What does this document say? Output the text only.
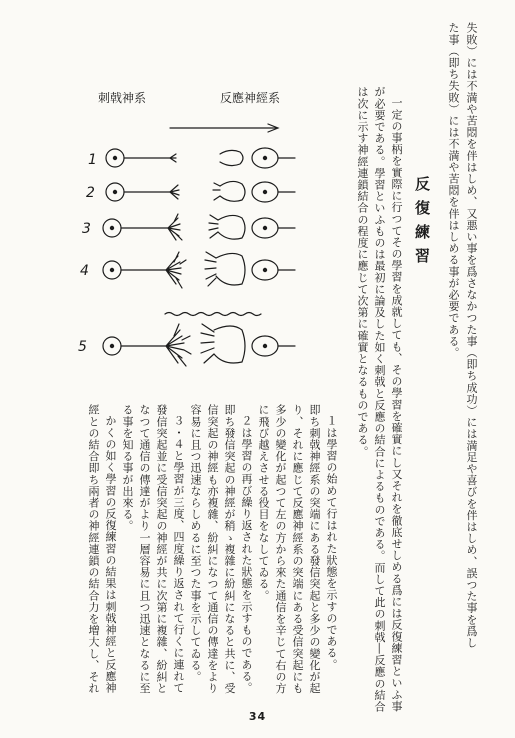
失敗）には不満や苦悶を伴はしめ、又悪い事を爲さなかつた事（即ち成功）には満足や喜びを伴はしめ、誤つた事を爲し
た事（即ち失敗）には不満や苦悶を伴はしめる事が必要である。
反復練習
一定の事柄を實際に行つてその學習を成就しても、その學習を確實にし又それを徹底せしめる爲には反復練習といふ事
が必要である。學習といふものは最初に論及した如く刺戟と反應の結合によるものである。而して此の刺戟―反應の結合
は次に示す神經連鎖結合の程度に應じて次第に確實となるものである。
１は學習の始めて行はれた狀態を示すのである。
即ち刺戟神經系の突端にある發信突起と多少の變化が起
り、それに應じて反應神經系の突端にある受信突起にも
多少の變化が起つて左の方から來た通信を辛じて右の方
に飛び越えさせる役目をなしてゐる。
２は學習の再び繰り返された狀態を示すものである。
即ち發信突起の神經が稍ゝ複雜に紛糾になると共に、受
信突起の神經も亦複雜、紛糾になつて通信の傳達をより
容易に且つ迅速ならしめるに至つた事を示してゐる。
３・４と學習が三度、四度繰り返されて行くに連れて
發信突起並に受信突起の神經が共に次第に複雜、紛糾と
なつて通信の傳達がより一層容易に且つ迅速となるに至
る事を知る事が出來る。
かくの如く學習の反復練習の結果は刺戟神經と反應神
經との結合即ち兩者の神經連鎖の結合力を増大し、それ
刺戟神系	反應神經系
1
2
3
4
5
34
